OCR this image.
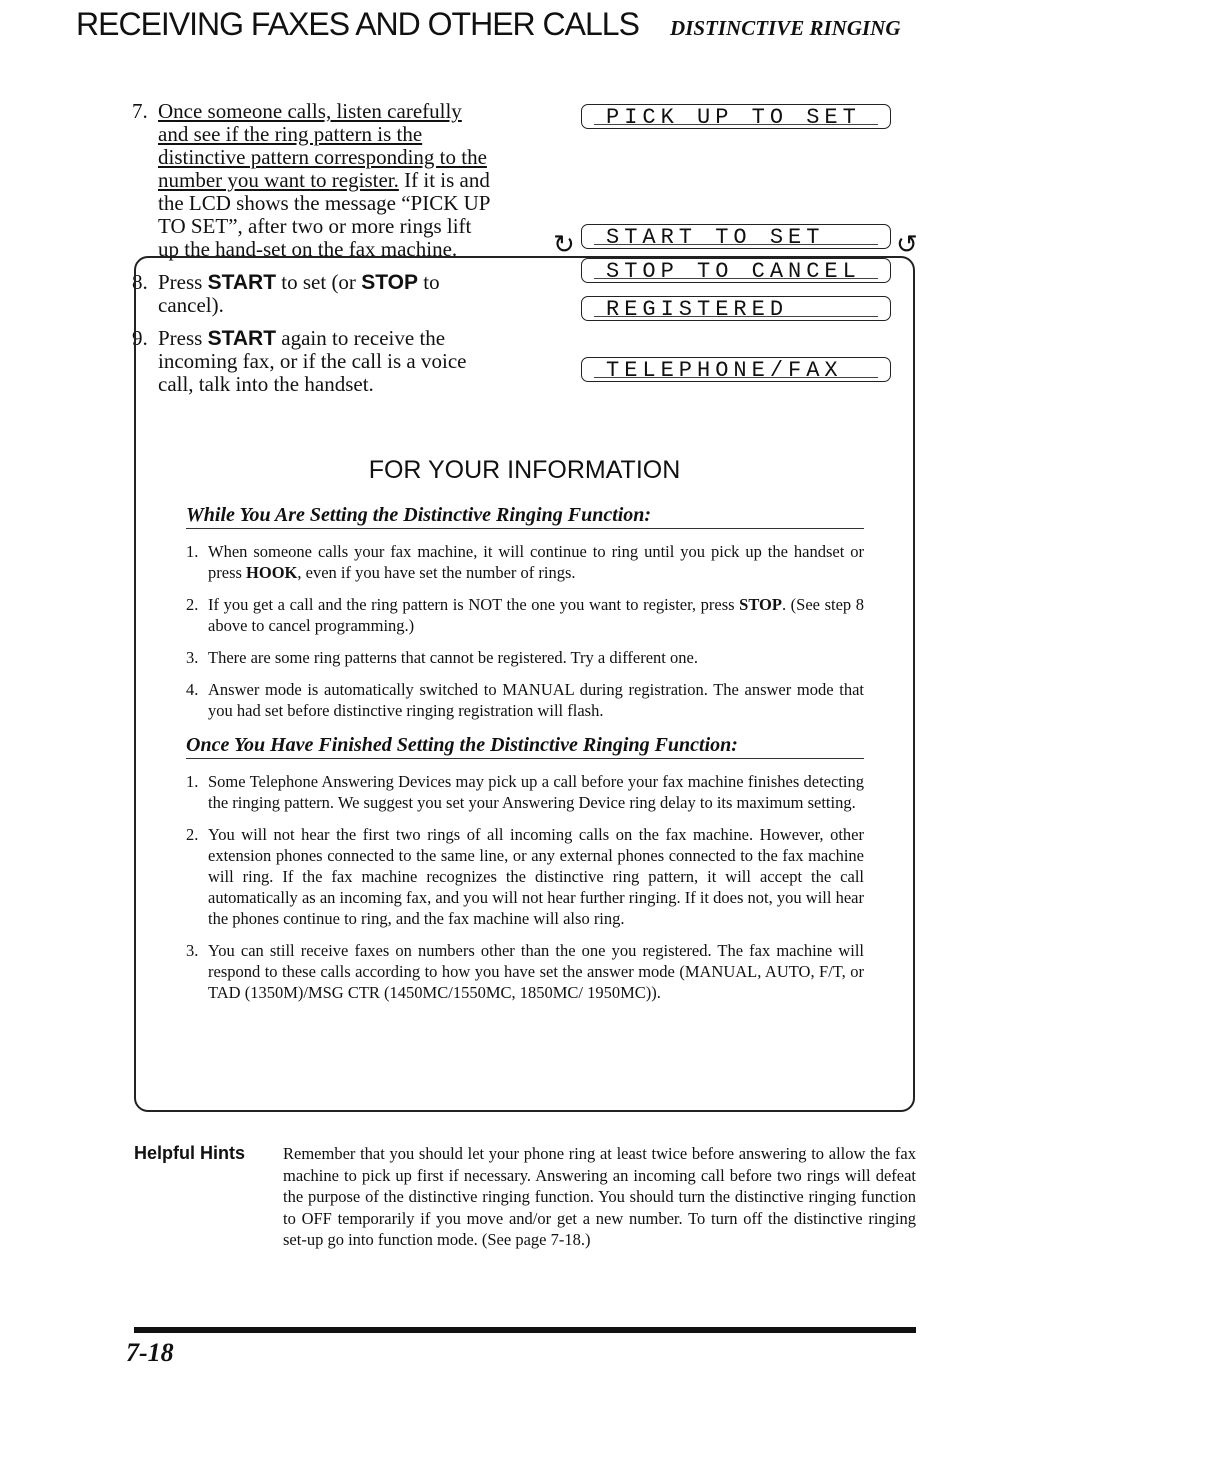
RECEIVING FAXES AND OTHER CALLS DISTINCTIVE RINGING
7. Once someone calls, listen carefully and see if the ring pattern is the distinctive pattern corresponding to the number you want to register. If it is and the LCD shows the message “PICK UP TO SET”, after two or more rings lift up the hand-set on the fax machine.
8. Press START to set (or STOP to cancel).
9. Press START again to receive the incoming fax, or if the call is a voice call, talk into the handset.
PICK UP TO SET
START TO SET
STOP TO CANCEL
REGISTERED
TELEPHONE/FAX
↻	↺
FOR YOUR INFORMATION
While You Are Setting the Distinctive Ringing Function:
1. When someone calls your fax machine, it will continue to ring until you pick up the handset or press HOOK, even if you have set the number of rings.
2. If you get a call and the ring pattern is NOT the one you want to register, press STOP. (See step 8 above to cancel programming.)
3. There are some ring patterns that cannot be registered. Try a different one.
4. Answer mode is automatically switched to MANUAL during registration. The answer mode that you had set before distinctive ringing registration will flash.
Once You Have Finished Setting the Distinctive Ringing Function:
1. Some Telephone Answering Devices may pick up a call before your fax machine finishes detecting the ringing pattern. We suggest you set your Answering Device ring delay to its maximum setting.
2. You will not hear the first two rings of all incoming calls on the fax machine. However, other extension phones connected to the same line, or any external phones connected to the fax machine will ring. If the fax machine recognizes the distinctive ring pattern, it will accept the call automatically as an incoming fax, and you will not hear further ringing. If it does not, you will hear the phones continue to ring, and the fax machine will also ring.
3. You can still receive faxes on numbers other than the one you registered. The fax machine will respond to these calls according to how you have set the answer mode (MANUAL, AUTO, F/T, or TAD (1350M)/MSG CTR (1450MC/1550MC, 1850MC/ 1950MC)).
Helpful Hints Remember that you should let your phone ring at least twice before answering to allow the fax machine to pick up first if necessary. Answering an incoming call before two rings will defeat the purpose of the distinctive ringing function. You should turn the distinctive ringing function to OFF temporarily if you move and/or get a new number. To turn off the distinctive ringing set-up go into function mode. (See page 7-18.)
7-18
